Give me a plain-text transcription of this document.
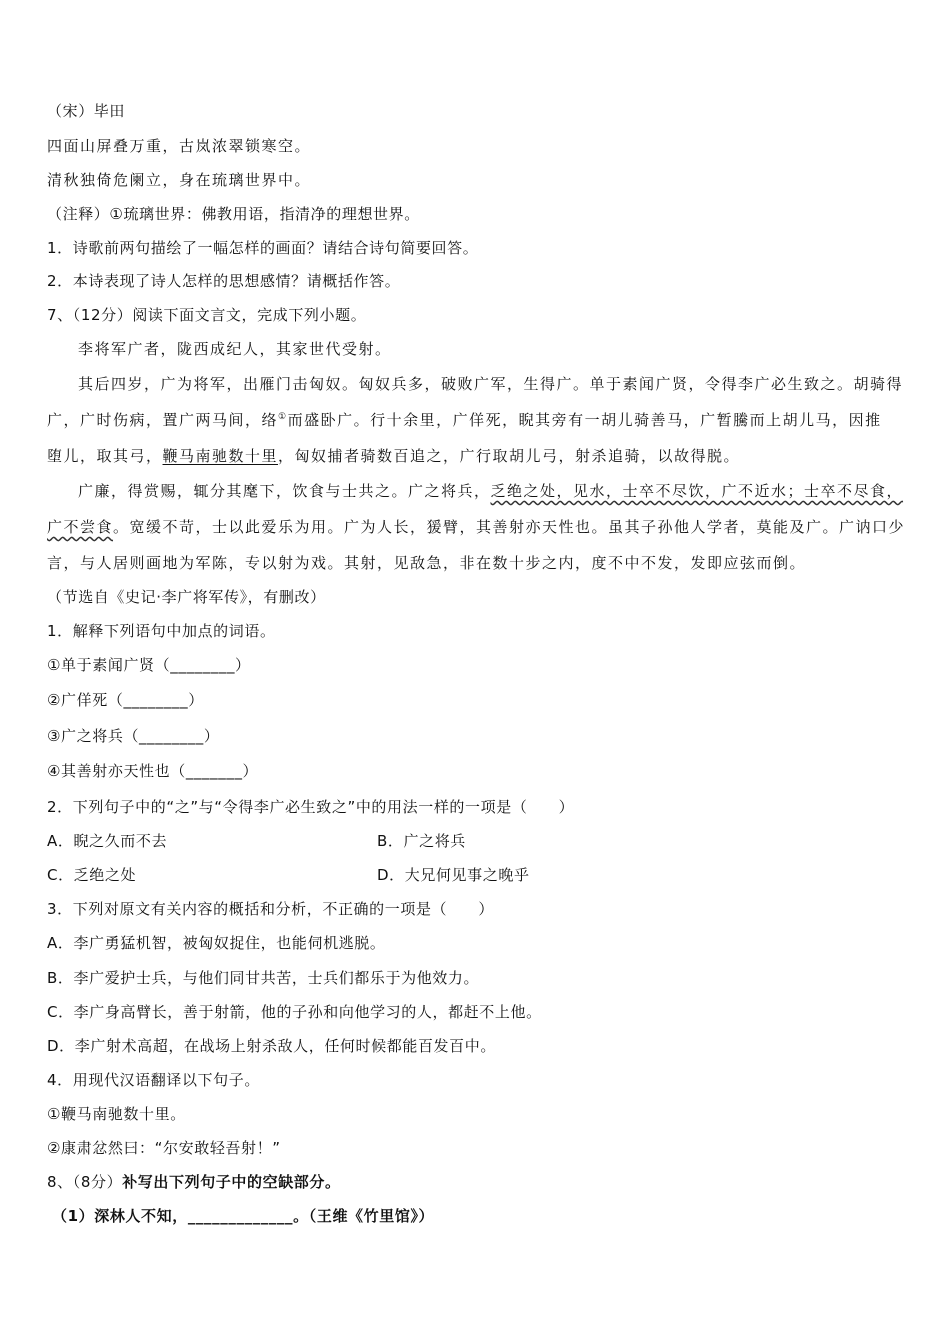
（宋）毕田
四面山屏叠万重，古岚浓翠锁寒空。
清秋独倚危阑立，身在琉璃世界中。
（注释）①琉璃世界：佛教用语，指清净的理想世界。
1．诗歌前两句描绘了一幅怎样的画面？请结合诗句简要回答。
2．本诗表现了诗人怎样的思想感情？请概括作答。
7、（12分）阅读下面文言文，完成下列小题。
李将军广者，陇西成纪人，其家世代受射。
其后四岁，广为将军，出雁门击匈奴。匈奴兵多，破败广军，生得广。单于素闻广贤，令得李广必生致之。胡骑得
广，广时伤病，置广两马间，络①而盛卧广。行十余里，广佯死，睨其旁有一胡儿骑善马，广暂騰而上胡儿马，因推
堕儿，取其弓，鞭马南驰数十里，匈奴捕者骑数百追之，广行取胡儿弓，射杀追骑，以故得脱。
广廉，得赏赐，辄分其麾下，饮食与士共之。广之将兵，乏绝之处，见水，士卒不尽饮，广不近水；士卒不尽食，
广不尝食。宽缓不苛，士以此爱乐为用。广为人长，猨臂，其善射亦天性也。虽其子孙他人学者，莫能及广。广讷口少
言，与人居则画地为军陈，专以射为戏。其射，见敌急，非在数十步之内，度不中不发，发即应弦而倒。
（节选自《史记·李广将军传》，有删改）
1．解释下列语句中加点的词语。
①单于素闻广贤（________）
②广佯死（________）
③广之将兵（________）
④其善射亦天性也（_______）
2．下列句子中的“之”与“令得李广必生致之”中的用法一样的一项是（　　）
A．睨之久而不去	B．广之将兵
C．乏绝之处	D．大兄何见事之晚乎
3．下列对原文有关内容的概括和分析，不正确的一项是（　　）
A．李广勇猛机智，被匈奴捉住，也能伺机逃脱。
B．李广爱护士兵，与他们同甘共苦，士兵们都乐于为他效力。
C．李广身高臂长，善于射箭，他的子孙和向他学习的人，都赶不上他。
D．李广射术高超，在战场上射杀敌人，任何时候都能百发百中。
4．用现代汉语翻译以下句子。
①鞭马南驰数十里。
②康肃忿然曰：“尔安敢轻吾射！”
8、（8分）补写出下列句子中的空缺部分。
（1）深林人不知，_____________。（王维《竹里馆》）
